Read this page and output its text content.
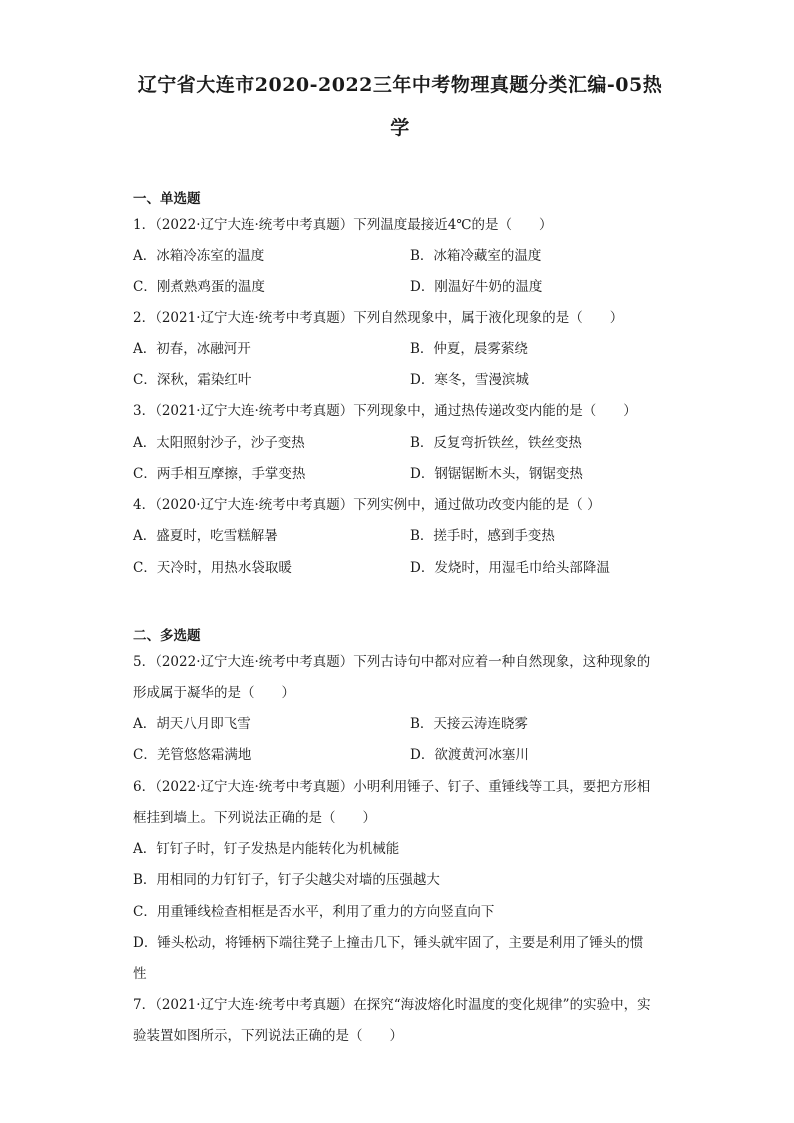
辽宁省大连市2020-2022三年中考物理真题分类汇编-05热
学
一、单选题
1．（2022·辽宁大连·统考中考真题）下列温度最接近4℃的是（　　）
A．冰箱冷冻室的温度	B．冰箱冷藏室的温度
C．刚煮熟鸡蛋的温度	D．刚温好牛奶的温度
2．（2021·辽宁大连·统考中考真题）下列自然现象中，属于液化现象的是（　　）
A．初春，冰融河开	B．仲夏，晨雾萦绕
C．深秋，霜染红叶	D．寒冬，雪漫滨城
3．（2021·辽宁大连·统考中考真题）下列现象中，通过热传递改变内能的是（　　）
A．太阳照射沙子，沙子变热	B．反复弯折铁丝，铁丝变热
C．两手相互摩擦，手掌变热	D．钢锯锯断木头，钢锯变热
4．（2020·辽宁大连·统考中考真题）下列实例中，通过做功改变内能的是（ ）
A．盛夏时，吃雪糕解暑	B．搓手时，感到手变热
C．天冷时，用热水袋取暖	D．发烧时，用湿毛巾给头部降温
二、多选题
5．（2022·辽宁大连·统考中考真题）下列古诗句中都对应着一种自然现象，这种现象的
形成属于凝华的是（　　）
A．胡天八月即飞雪	B．天接云涛连晓雾
C．羌管悠悠霜满地	D．欲渡黄河冰塞川
6．（2022·辽宁大连·统考中考真题）小明利用锤子、钉子、重锤线等工具，要把方形相
框挂到墙上。下列说法正确的是（　　）
A．钉钉子时，钉子发热是内能转化为机械能
B．用相同的力钉钉子，钉子尖越尖对墙的压强越大
C．用重锤线检查相框是否水平，利用了重力的方向竖直向下
D．锤头松动，将锤柄下端往凳子上撞击几下，锤头就牢固了，主要是利用了锤头的惯
性
7．（2021·辽宁大连·统考中考真题）在探究“海波熔化时温度的变化规律”的实验中，实
验装置如图所示，下列说法正确的是（　　）
